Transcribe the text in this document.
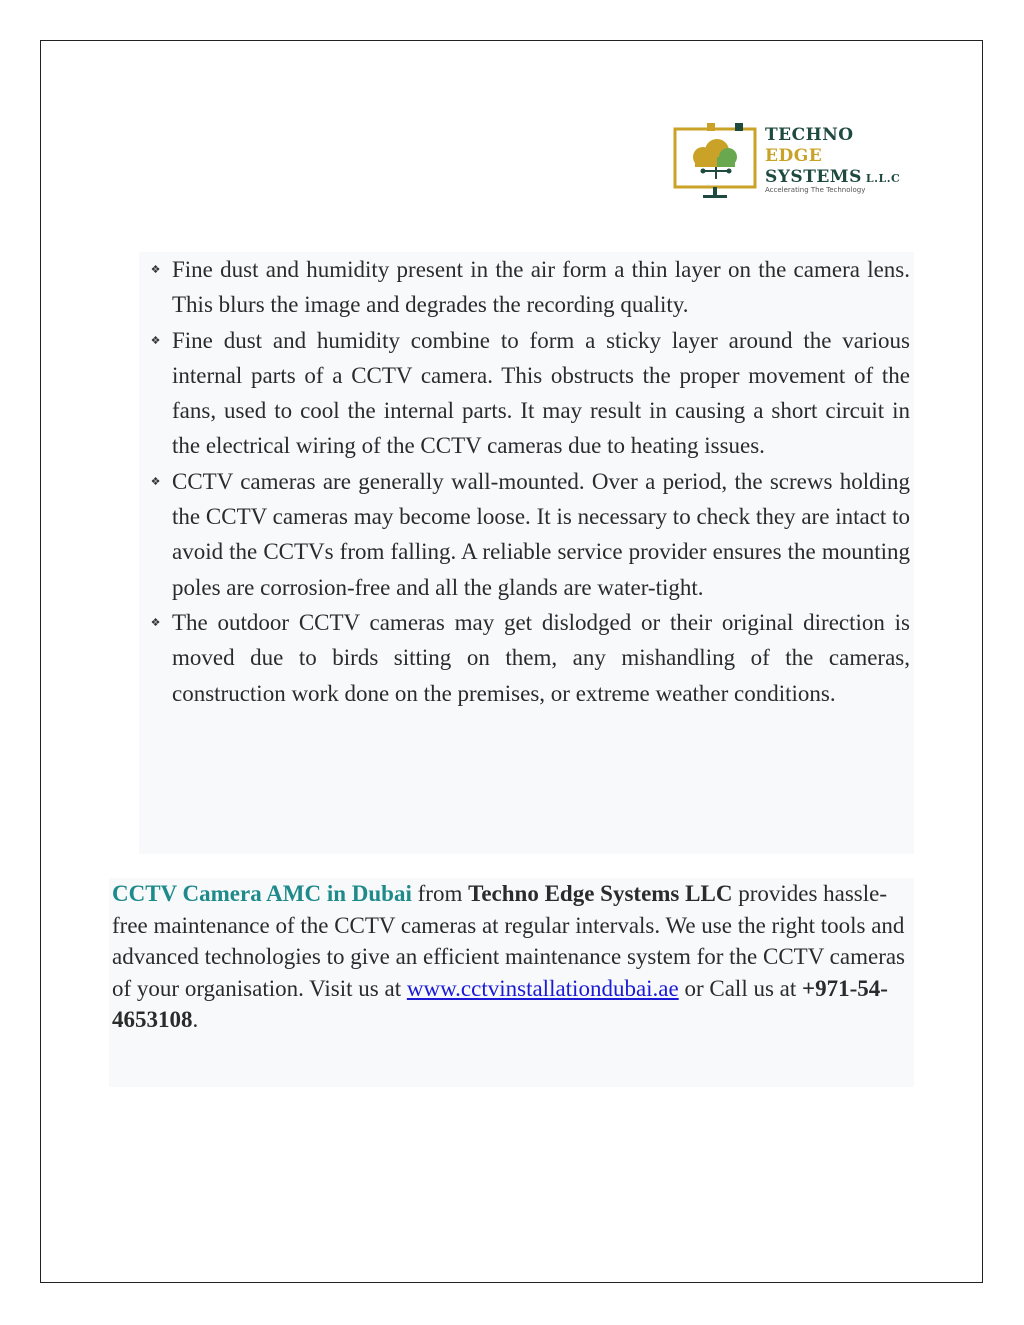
TECHNO
EDGE
SYSTEMS L.L.C
Accelerating The Technology
❖ Fine dust and humidity present in the air form a thin layer on the camera lens. This blurs the image and degrades the recording quality.
❖ Fine dust and humidity combine to form a sticky layer around the various internal parts of a CCTV camera. This obstructs the proper movement of the fans, used to cool the internal parts. It may result in causing a short circuit in the electrical wiring of the CCTV cameras due to heating issues.
❖ CCTV cameras are generally wall-mounted. Over a period, the screws holding the CCTV cameras may become loose. It is necessary to check they are intact to avoid the CCTVs from falling. A reliable service provider ensures the mounting poles are corrosion-free and all the glands are water-tight.
❖ The outdoor CCTV cameras may get dislodged or their original direction is moved due to birds sitting on them, any mishandling of the cameras, construction work done on the premises, or extreme weather conditions.

CCTV Camera AMC in Dubai from Techno Edge Systems LLC provides hassle-free maintenance of the CCTV cameras at regular intervals. We use the right tools and advanced technologies to give an efficient maintenance system for the CCTV cameras of your organisation. Visit us at www.cctvinstallationdubai.ae or Call us at +971-54-4653108.
